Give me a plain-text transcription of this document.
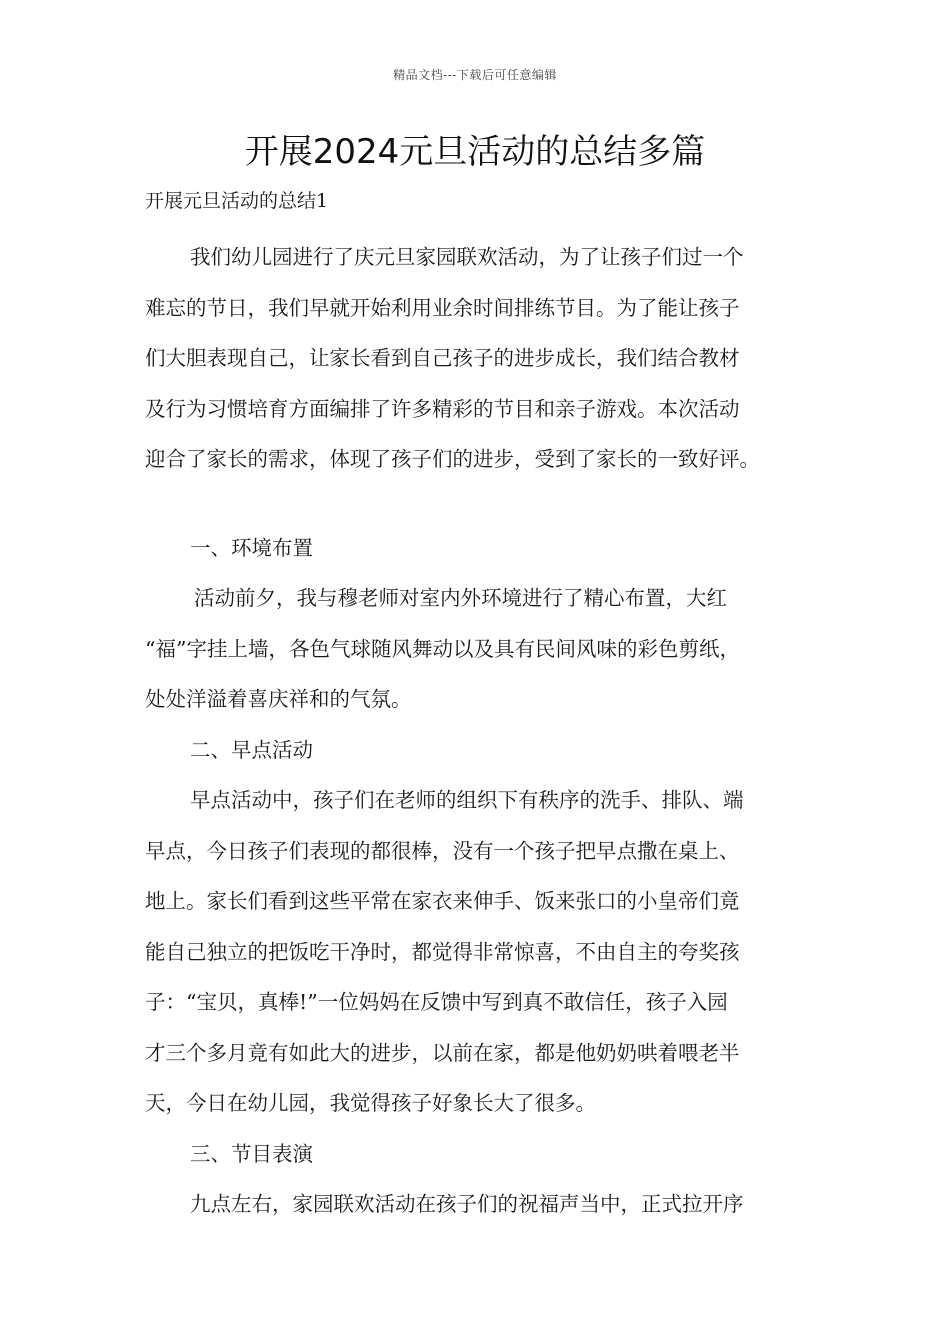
精品文档---下载后可任意编辑
开展2024元旦活动的总结多篇
开展元旦活动的总结1
我们幼儿园进行了庆元旦家园联欢活动，为了让孩子们过一个
难忘的节日，我们早就开始利用业余时间排练节目。为了能让孩子
们大胆表现自己，让家长看到自己孩子的进步成长，我们结合教材
及行为习惯培育方面编排了许多精彩的节目和亲子游戏。本次活动
迎合了家长的需求，体现了孩子们的进步，受到了家长的一致好评。
一、环境布置
活动前夕，我与穆老师对室内外环境进行了精心布置，大红
“福”字挂上墙，各色气球随风舞动以及具有民间风味的彩色剪纸，
处处洋溢着喜庆祥和的气氛。
二、早点活动
早点活动中，孩子们在老师的组织下有秩序的洗手、排队、端
早点，今日孩子们表现的都很棒，没有一个孩子把早点撒在桌上、
地上。家长们看到这些平常在家衣来伸手、饭来张口的小皇帝们竟
能自己独立的把饭吃干净时，都觉得非常惊喜，不由自主的夸奖孩
子：“宝贝，真棒!”一位妈妈在反馈中写到真不敢信任，孩子入园
才三个多月竟有如此大的进步，以前在家，都是他奶奶哄着喂老半
天，今日在幼儿园，我觉得孩子好象长大了很多。
三、节目表演
九点左右，家园联欢活动在孩子们的祝福声当中，正式拉开序
